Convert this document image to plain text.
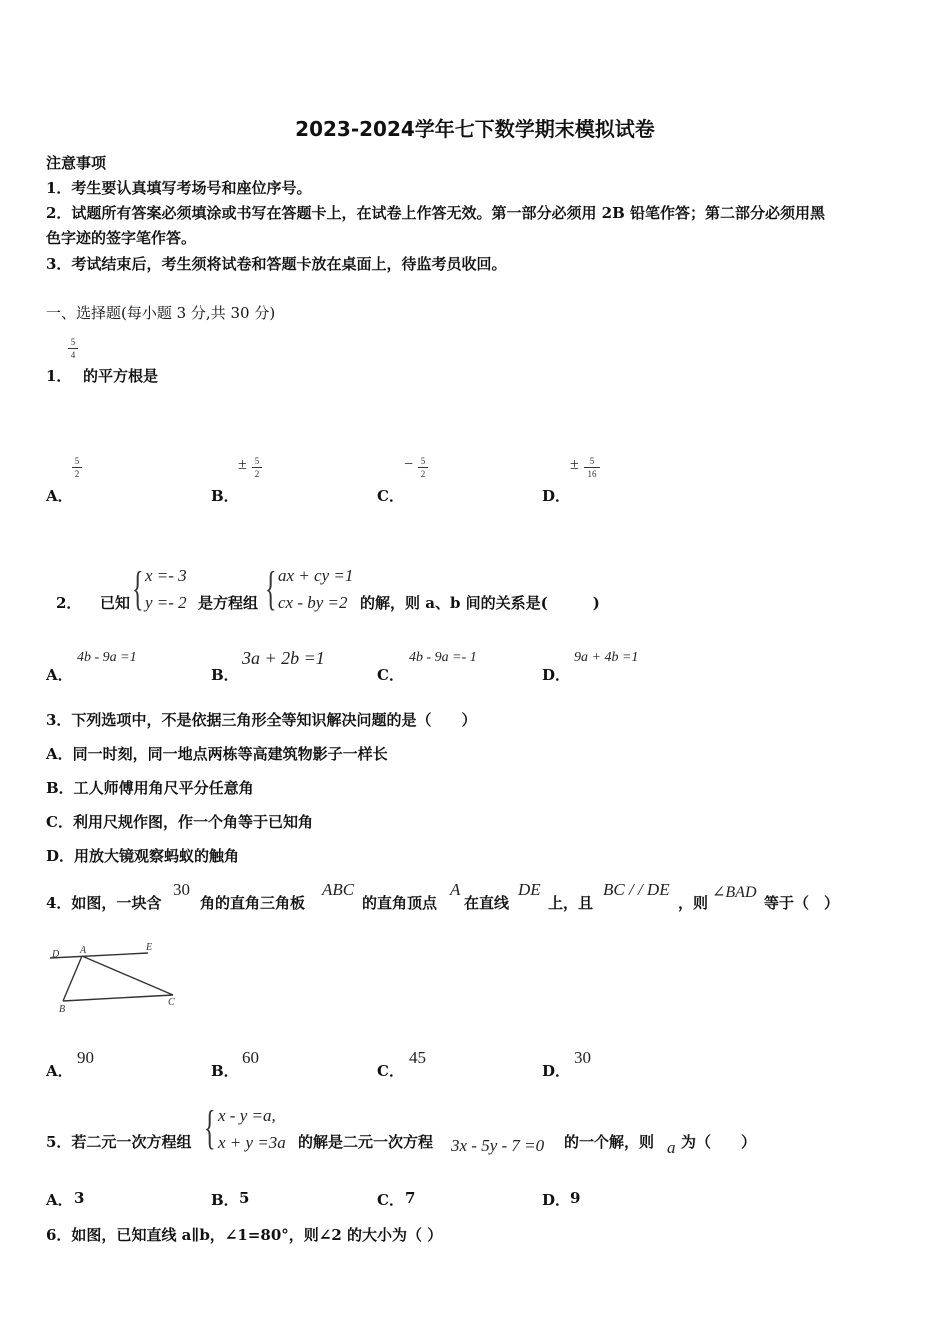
2023-2024学年七下数学期末模拟试卷
注意事项
1．考生要认真填写考场号和座位序号。
2．试题所有答案必须填涂或书写在答题卡上，在试卷上作答无效。第一部分必须用 2B 铅笔作答；第二部分必须用黑
色字迹的签字笔作答。
3．考试结束后，考生须将试卷和答题卡放在桌面上，待监考员收回。
一、选择题(每小题 3 分,共 30 分)
5
4
1． 的平方根是
A．
5
2
B．
± 5
2
C．
− 5
2
D．
±	5
16
2． 已知 { x =- 3
y =- 2 是方程组 { ax + cy =1
cx - by =2 的解，则 a、b 间的关系是(　　　)
A．
4b - 9a =1
B．
3a + 2b =1
C．
4b - 9a =- 1
D．
9a + 4b =1
3．下列选项中，不是依据三角形全等知识解决问题的是（　　）
A．同一时刻，同一地点两栋等高建筑物影子一样长
B．工人师傅用角尺平分任意角
C．利用尺规作图，作一个角等于已知角
D．用放大镜观察蚂蚁的触角
4．如图，一块含
30
角的直角三角板
ABC
的直角顶点
A
在直线
DE
上，且
BC / / DE
，则
∠BAD
等于（　）
D A	E
B
C
A．
90
B．
60
C．
45
D．
30
5．若二元一次方程组 { x - y =a,
x + y =3a 的解是二元一次方程 3x - 5y - 7 =0 的一个解，则 a 为（　　）
A． 3	B． 5	C． 7	D． 9
6．如图，已知直线 a∥b，∠1=80°，则∠2 的大小为（ ）
